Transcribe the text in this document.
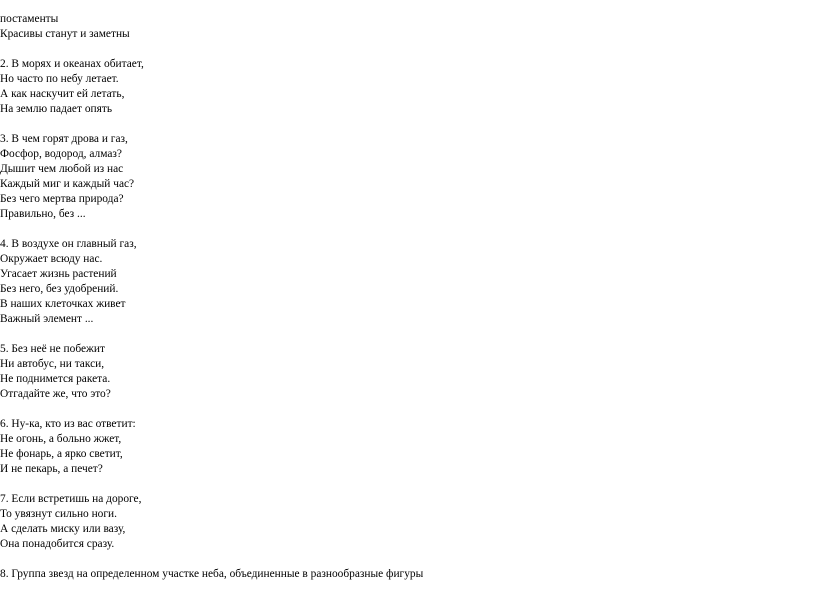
постаменты
Красивы станут и заметны
2. В морях и океанах обитает,
Но часто по небу летает.
А как наскучит ей летать,
На землю падает опять
3. В чем горят дрова и газ,
Фосфор, водород, алмаз?
Дышит чем любой из нас
Каждый миг и каждый час?
Без чего мертва природа?
Правильно, без ...
4. В воздухе он главный газ,
Окружает всюду нас.
Угасает жизнь растений
Без него, без удобрений.
В наших клеточках живет
Важный элемент ...
5. Без неё не побежит
Ни автобус, ни такси,
Не поднимется ракета.
Отгадайте же, что это?
6. Ну-ка, кто из вас ответит:
Не огонь, а больно жжет,
Не фонарь, а ярко светит,
И не пекарь, а печет?
7. Если встретишь на дороге,
То увязнут сильно ноги.
А сделать миску или вазу,
Она понадобится сразу.
8. Группа звезд на определенном участке неба, объединенные в разнообразные фигуры
